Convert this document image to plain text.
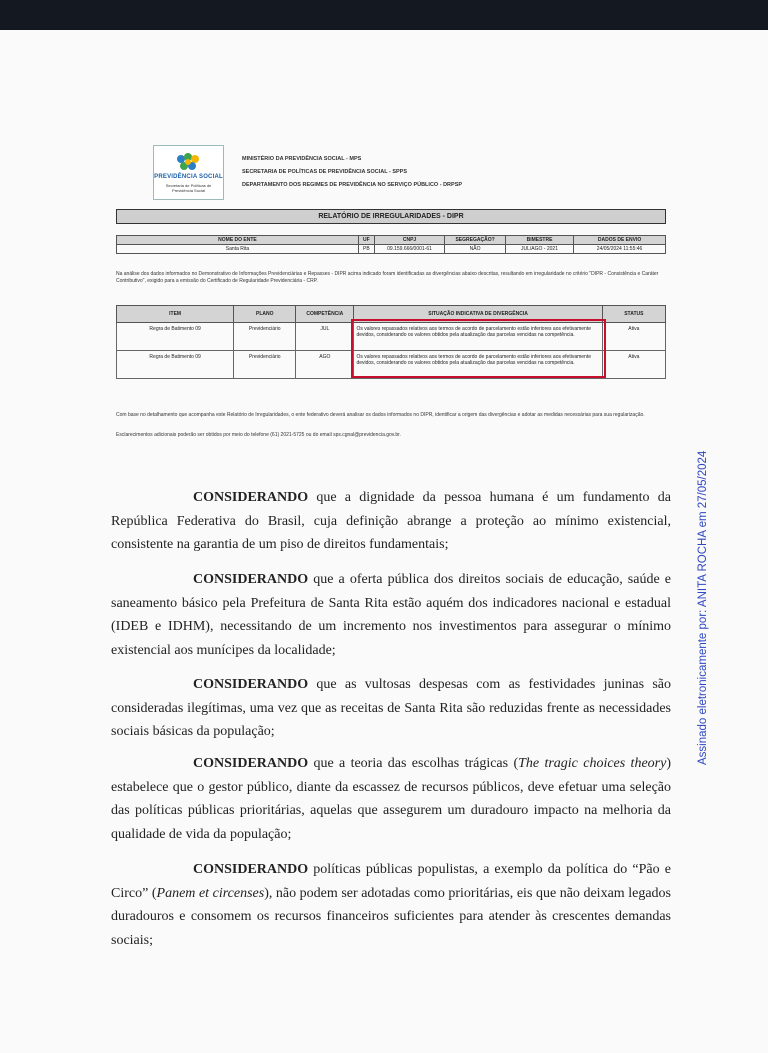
PREVIDÊNCIA SOCIAL
Secretaria de Políticas de Previdência Social
MINISTÉRIO DA PREVIDÊNCIA SOCIAL - MPS
SECRETARIA DE POLÍTICAS DE PREVIDÊNCIA SOCIAL - SPPS
DEPARTAMENTO DOS REGIMES DE PREVIDÊNCIA NO SERVIÇO PÚBLICO - DRPSP
RELATÓRIO DE IRREGULARIDADES - DIPR
NOME DO ENTE	UF	CNPJ	SEGREGAÇÃO?	BIMESTRE	DADOS DE ENVIO
Santa Rita	PB	09.159.666/0001-61	NÃO	JUL/AGO - 2021	24/05/2024 11:55:46
Na análise dos dados informados no Demonstrativo de Informações Previdenciárias e Repasses - DIPR acima indicado foram identificadas as divergências abaixo descritas, resultando em irregularidade no critério "DIPR - Consistência e Caráter Contributivo", exigido para a emissão do Certificado de Regularidade Previdenciária - CRP.
ITEM	PLANO	COMPETÊNCIA	SITUAÇÃO INDICATIVA DE DIVERGÊNCIA	STATUS
Regra de Batimento 09	Previdenciário	JUL	Os valores repassados relativos aos termos de acordo de parcelamento estão inferiores aos efetivamente devidos, considerando os valores obtidos pela atualização das parcelas vencidas na competência.	Ativa
Regra de Batimento 09	Previdenciário	AGO	Os valores repassados relativos aos termos de acordo de parcelamento estão inferiores aos efetivamente devidos, considerando os valores obtidos pela atualização das parcelas vencidas na competência.	Ativa
Com base no detalhamento que acompanha este Relatório de Irregularidades, o ente federativo deverá analisar os dados informados no DIPR, identificar a origem das divergências e adotar as medidas necessárias para sua regularização.
Esclarecimentos adicionais poderão ser obtidos por meio do telefone (61) 2021-5725 ou do email sps.cgnal@previdencia.gov.br.
CONSIDERANDO que a dignidade da pessoa humana é um fundamento da República Federativa do Brasil, cuja definição abrange a proteção ao mínimo existencial, consistente na garantia de um piso de direitos fundamentais;
CONSIDERANDO que a oferta pública dos direitos sociais de educação, saúde e saneamento básico pela Prefeitura de Santa Rita estão aquém dos indicadores nacional e estadual (IDEB e IDHM), necessitando de um incremento nos investimentos para assegurar o mínimo existencial aos munícipes da localidade;
CONSIDERANDO que as vultosas despesas com as festividades juninas são consideradas ilegítimas, uma vez que as receitas de Santa Rita são reduzidas frente as necessidades sociais básicas da população;
CONSIDERANDO que a teoria das escolhas trágicas (The tragic choices theory) estabelece que o gestor público, diante da escassez de recursos públicos, deve efetuar uma seleção das políticas públicas prioritárias, aquelas que assegurem um duradouro impacto na melhoria da qualidade de vida da população;
CONSIDERANDO políticas públicas populistas, a exemplo da política do “Pão e Circo” (Panem et circenses), não podem ser adotadas como prioritárias, eis que não deixam legados duradouros e consomem os recursos financeiros suficientes para atender às crescentes demandas sociais;
Assinado eletronicamente por: ANITA ROCHA em 27/05/2024
